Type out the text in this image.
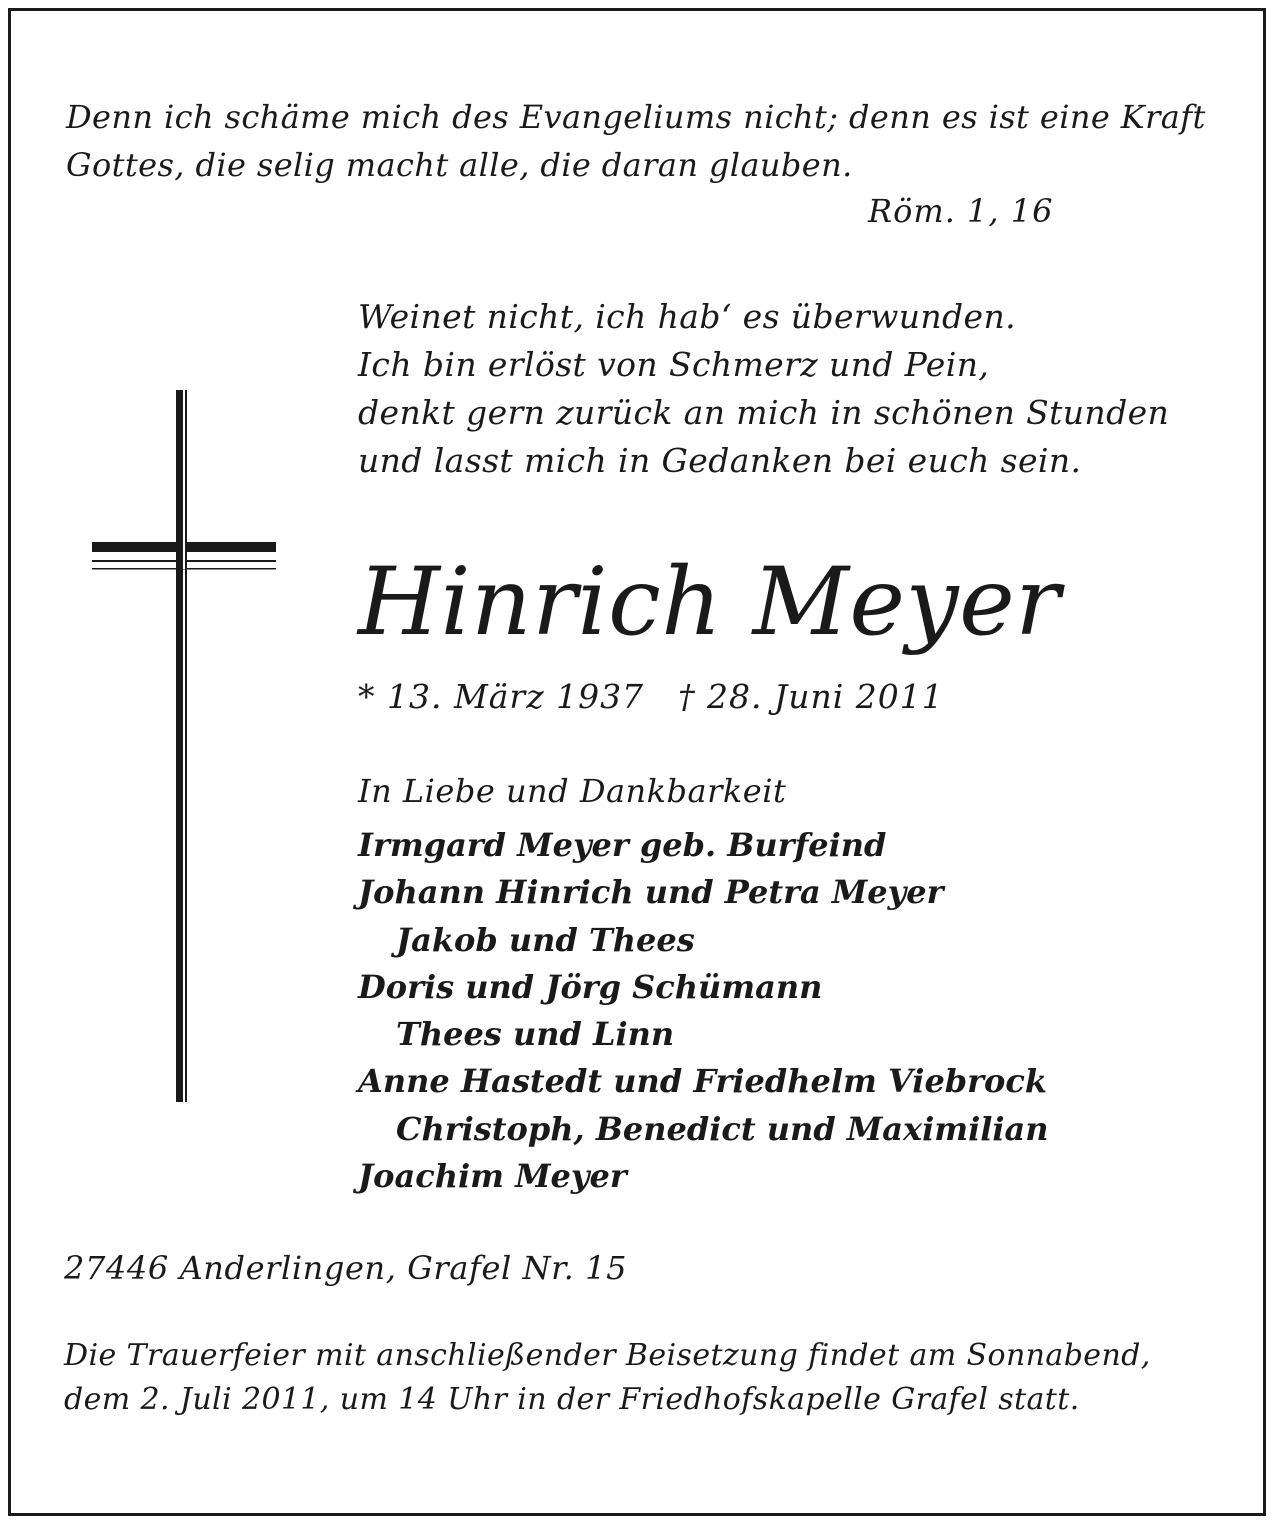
Denn ich schäme mich des Evangeliums nicht; denn es ist eine Kraft
Gottes, die selig macht alle, die daran glauben.
Röm. 1, 16
Weinet nicht, ich hab‘ es überwunden.
Ich bin erlöst von Schmerz und Pein,
denkt gern zurück an mich in schönen Stunden
und lasst mich in Gedanken bei euch sein.
Hinrich Meyer
* 13. März 1937 † 28. Juni 2011
In Liebe und Dankbarkeit
Irmgard Meyer geb. Burfeind
Johann Hinrich und Petra Meyer
Jakob und Thees
Doris und Jörg Schümann
Thees und Linn
Anne Hastedt und Friedhelm Viebrock
Christoph, Benedict und Maximilian
Joachim Meyer
27446 Anderlingen, Grafel Nr. 15
Die Trauerfeier mit anschließender Beisetzung findet am Sonnabend,
dem 2. Juli 2011, um 14 Uhr in der Friedhofskapelle Grafel statt.
